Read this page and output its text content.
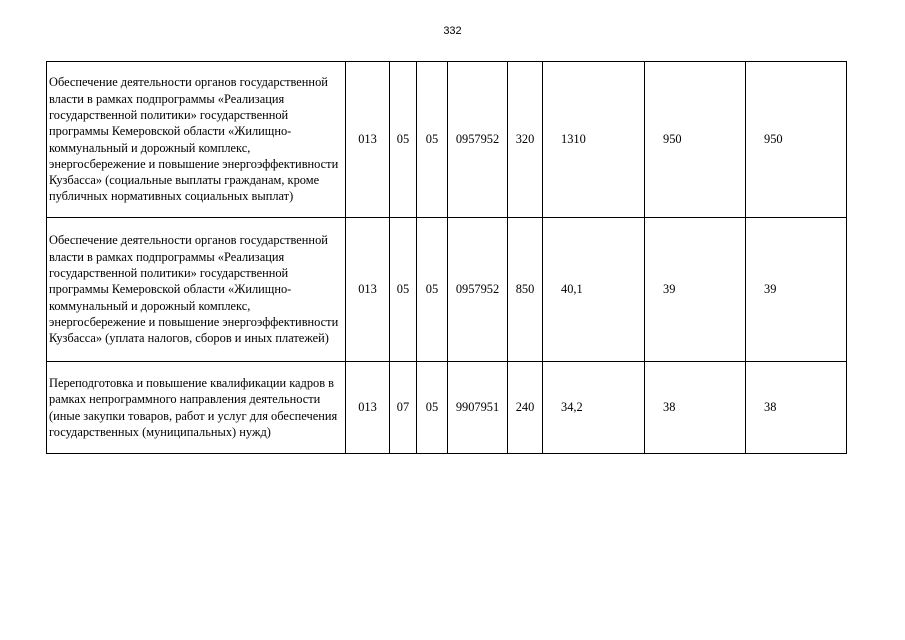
332
Обеспечение деятельности органов государственной власти в рамках подпрограммы «Реализация государственной политики» государственной программы Кемеровской области «Жилищно-коммунальный и дорожный комплекс, энергосбережение и повышение энергоэффективности Кузбасса» (социальные выплаты гражданам, кроме публичных нормативных социальных выплат)	013	05	05	0957952	320	1310	950	950
Обеспечение деятельности органов государственной власти в рамках подпрограммы «Реализация государственной политики» государственной программы Кемеровской области «Жилищно-коммунальный и дорожный комплекс, энергосбережение и повышение энергоэффективности Кузбасса» (уплата налогов, сборов и иных платежей)	013	05	05	0957952	850	40,1	39	39
Переподготовка и повышение квалификации кадров в рамках непрограммного направления деятельности (иные закупки товаров, работ и услуг для обеспечения государственных (муниципальных) нужд)	013	07	05	9907951	240	34,2	38	38
